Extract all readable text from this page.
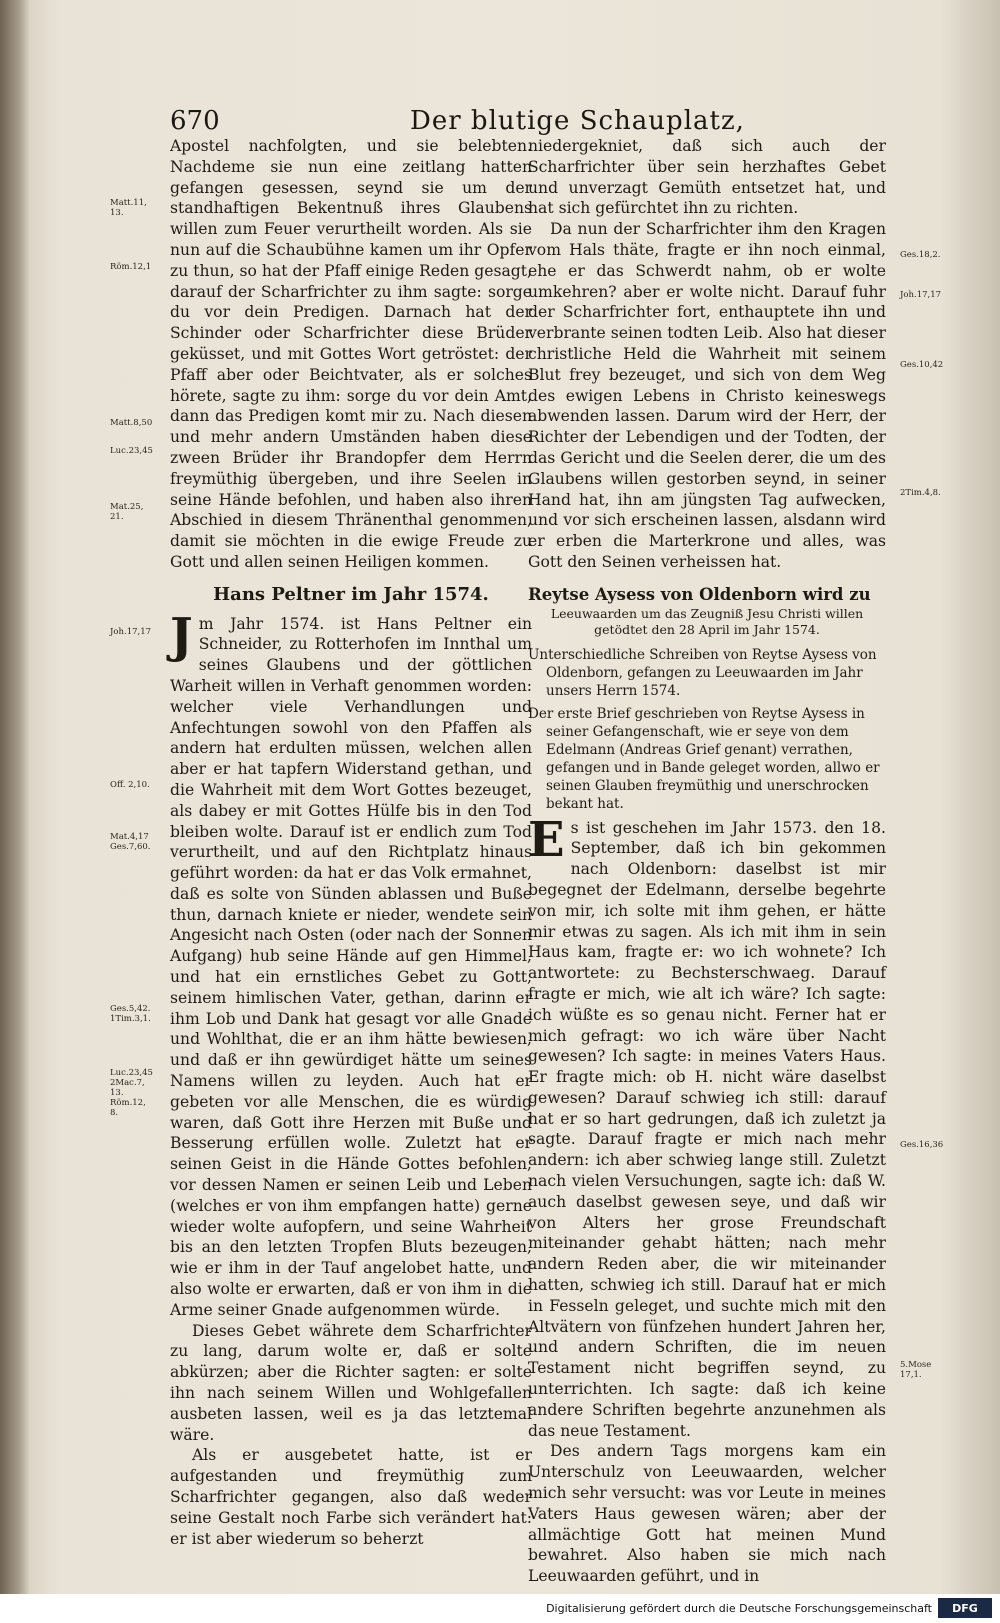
670	Der blutige Schauplatz,

Apostel nachfolgten, und sie belebten. Nachdeme sie nun eine zeitlang hatten gefangen gesessen, seynd sie um der standhaftigen Bekentnuß ihres Glaubens willen zum Feuer verurtheilt worden. Als sie nun auf die Schaubühne kamen um ihr Opfer zu thun, so hat der Pfaff einige Reden gesagt, darauf der Scharfrichter zu ihm sagte: sorge du vor dein Predigen. Darnach hat der Schinder oder Scharfrichter diese Brüder geküsset, und mit Gottes Wort getröstet: der Pfaff aber oder Beichtvater, als er solches hörete, sagte zu ihm: sorge du vor dein Amt, dann das Predigen komt mir zu. Nach diesen und mehr andern Umständen haben diese zween Brüder ihr Brandopfer dem Herrn freymüthig übergeben, und ihre Seelen in seine Hände befohlen, und haben also ihren Abschied in diesem Thränenthal genommen, damit sie möchten in die ewige Freude zu Gott und allen seinen Heiligen kommen.

Hans Peltner im Jahr 1574.

Jm Jahr 1574. ist Hans Peltner ein Schneider, zu Rotterhofen im Innthal um seines Glaubens und der göttlichen Warheit willen in Verhaft genommen worden: welcher viele Verhandlungen und Anfechtungen sowohl von den Pfaffen als andern hat erdulten müssen, welchen allen aber er hat tapfern Widerstand gethan, und die Wahrheit mit dem Wort Gottes bezeuget, als dabey er mit Gottes Hülfe bis in den Tod bleiben wolte. Darauf ist er endlich zum Tod verurtheilt, und auf den Richtplatz hinaus geführt worden: da hat er das Volk ermahnet, daß es solte von Sünden ablassen und Buße thun, darnach kniete er nieder, wendete sein Angesicht nach Osten (oder nach der Sonnen Aufgang) hub seine Hände auf gen Himmel, und hat ein ernstliches Gebet zu Gott, seinem himlischen Vater, gethan, darinn er ihm Lob und Dank hat gesagt vor alle Gnade und Wohlthat, die er an ihm hätte bewiesen, und daß er ihn gewürdiget hätte um seines Namens willen zu leyden. Auch hat er gebeten vor alle Menschen, die es würdig waren, daß Gott ihre Herzen mit Buße und Besserung erfüllen wolle. Zuletzt hat er seinen Geist in die Hände Gottes befohlen, vor dessen Namen er seinen Leib und Leben (welches er von ihm empfangen hatte) gerne wieder wolte aufopfern, und seine Wahrheit bis an den letzten Tropfen Bluts bezeugen, wie er ihm in der Tauf angelobet hatte, und also wolte er erwarten, daß er von ihm in die Arme seiner Gnade aufgenommen würde.

Dieses Gebet währete dem Scharfrichter zu lang, darum wolte er, daß er solte abkürzen; aber die Richter sagten: er solte ihn nach seinem Willen und Wohlgefallen ausbeten lassen, weil es ja das letztemal wäre.

Als er ausgebetet hatte, ist er aufgestanden und freymüthig zum Scharfrichter gegangen, also daß weder seine Gestalt noch Farbe sich verändert hat: er ist aber wiederum so beherzt

niedergekniet, daß sich auch der Scharfrichter über sein herzhaftes Gebet und unverzagt Gemüth entsetzet hat, und hat sich gefürchtet ihn zu richten.

Da nun der Scharfrichter ihm den Kragen vom Hals thäte, fragte er ihn noch einmal, ehe er das Schwerdt nahm, ob er wolte umkehren? aber er wolte nicht. Darauf fuhr der Scharfrichter fort, enthauptete ihn und verbrante seinen todten Leib. Also hat dieser christliche Held die Wahrheit mit seinem Blut frey bezeuget, und sich von dem Weg des ewigen Lebens in Christo keineswegs abwenden lassen. Darum wird der Herr, der Richter der Lebendigen und der Todten, der das Gericht und die Seelen derer, die um des Glaubens willen gestorben seynd, in seiner Hand hat, ihn am jüngsten Tag aufwecken, und vor sich erscheinen lassen, alsdann wird er erben die Marterkrone und alles, was Gott den Seinen verheissen hat.

Reytse Aysess von Oldenborn wird zu
Leeuwaarden um das Zeugniß Jesu Christi willen getödtet den 28 April im Jahr 1574.
Unterschiedliche Schreiben von Reytse Aysess von Oldenborn, gefangen zu Leeuwaarden im Jahr unsers Herrn 1574.
Der erste Brief geschrieben von Reytse Aysess in seiner Gefangenschaft, wie er seye von dem Edelmann (Andreas Grief genant) verrathen, gefangen und in Bande geleget worden, allwo er seinen Glauben freymüthig und unerschrocken bekant hat.

Es ist geschehen im Jahr 1573. den 18. September, daß ich bin gekommen nach Oldenborn: daselbst ist mir begegnet der Edelmann, derselbe begehrte von mir, ich solte mit ihm gehen, er hätte mir etwas zu sagen. Als ich mit ihm in sein Haus kam, fragte er: wo ich wohnete? Ich antwortete: zu Bechsterschwaeg. Darauf fragte er mich, wie alt ich wäre? Ich sagte: ich wüßte es so genau nicht. Ferner hat er mich gefragt: wo ich wäre über Nacht gewesen? Ich sagte: in meines Vaters Haus. Er fragte mich: ob H. nicht wäre daselbst gewesen? Darauf schwieg ich still: darauf hat er so hart gedrungen, daß ich zuletzt ja sagte. Darauf fragte er mich nach mehr andern: ich aber schwieg lange still. Zuletzt nach vielen Versuchungen, sagte ich: daß W. auch daselbst gewesen seye, und daß wir von Alters her grose Freundschaft miteinander gehabt hätten; nach mehr andern Reden aber, die wir miteinander hatten, schwieg ich still. Darauf hat er mich in Fesseln geleget, und suchte mich mit den Altvätern von fünfzehen hundert Jahren her, und andern Schriften, die im neuen Testament nicht begriffen seynd, zu unterrichten. Ich sagte: daß ich keine andere Schriften begehrte anzunehmen als das neue Testament.

Des andern Tags morgens kam ein Unterschulz von Leeuwaarden, welcher mich sehr versucht: was vor Leute in meines Vaters Haus gewesen wären; aber der allmächtige Gott hat meinen Mund bewahret. Also haben sie mich nach Leeuwaarden geführt, und in

Matt.11,
13.
Röm.12,1
Matt.8,50
Luc.23,45
Mat.25,
21.
Joh.17,17
Off. 2,10.
Mat.4,17
Ges.7,60.
Ges.5,42.
1Tim.3,1.
Luc.23,45
2Mac.7,
13.
Röm.12,
8.
Ges.18,2.
Joh.17,17
Ges.10,42
2Tim.4,8.
Ges.16,36
5.Mose
17,1.
Digitalisierung gefördert durch die Deutsche Forschungsgemeinschaft	DFG
